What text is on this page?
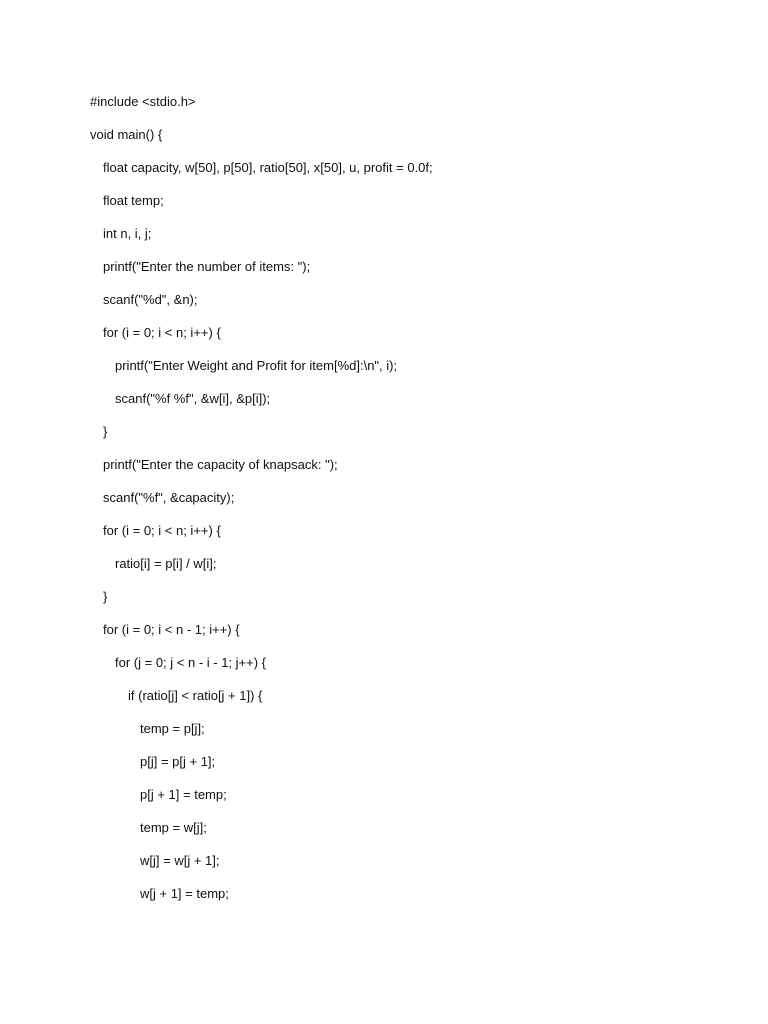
#include <stdio.h>
void main() {
float capacity, w[50], p[50], ratio[50], x[50], u, profit = 0.0f;
float temp;
int n, i, j;
printf("Enter the number of items: ");
scanf("%d", &n);
for (i = 0; i < n; i++) {
printf("Enter Weight and Profit for item[%d]:\n", i);
scanf("%f %f", &w[i], &p[i]);
}
printf("Enter the capacity of knapsack: ");
scanf("%f", &capacity);
for (i = 0; i < n; i++) {
ratio[i] = p[i] / w[i];
}
for (i = 0; i < n - 1; i++) {
for (j = 0; j < n - i - 1; j++) {
if (ratio[j] < ratio[j + 1]) {
temp = p[j];
p[j] = p[j + 1];
p[j + 1] = temp;
temp = w[j];
w[j] = w[j + 1];
w[j + 1] = temp;
